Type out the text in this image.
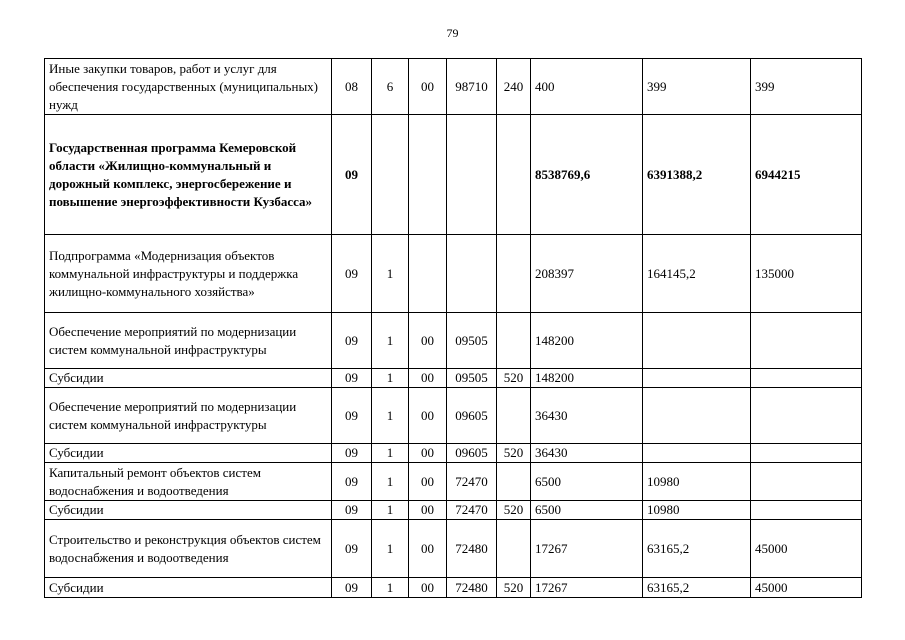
79
Иные закупки товаров, работ и услуг для обеспечения государственных (муниципальных) нужд	08	6	00	98710	240	400	399	399
Государственная программа Кемеровской области «Жилищно-коммунальный и дорожный комплекс, энергосбережение и повышение энергоэффективности Кузбасса»	09					8538769,6	6391388,2	6944215
Подпрограмма «Модернизация объектов коммунальной инфраструктуры и поддержка жилищно-коммунального хозяйства»	09	1				208397	164145,2	135000
Обеспечение мероприятий по модернизации систем коммунальной инфраструктуры	09	1	00	09505		148200		
Субсидии	09	1	00	09505	520	148200		
Обеспечение мероприятий по модернизации систем коммунальной инфраструктуры	09	1	00	09605		36430		
Субсидии	09	1	00	09605	520	36430		
Капитальный ремонт объектов систем водоснабжения и водоотведения	09	1	00	72470		6500	10980	
Субсидии	09	1	00	72470	520	6500	10980	
Строительство и реконструкция объектов систем водоснабжения и водоотведения	09	1	00	72480		17267	63165,2	45000
Субсидии	09	1	00	72480	520	17267	63165,2	45000
